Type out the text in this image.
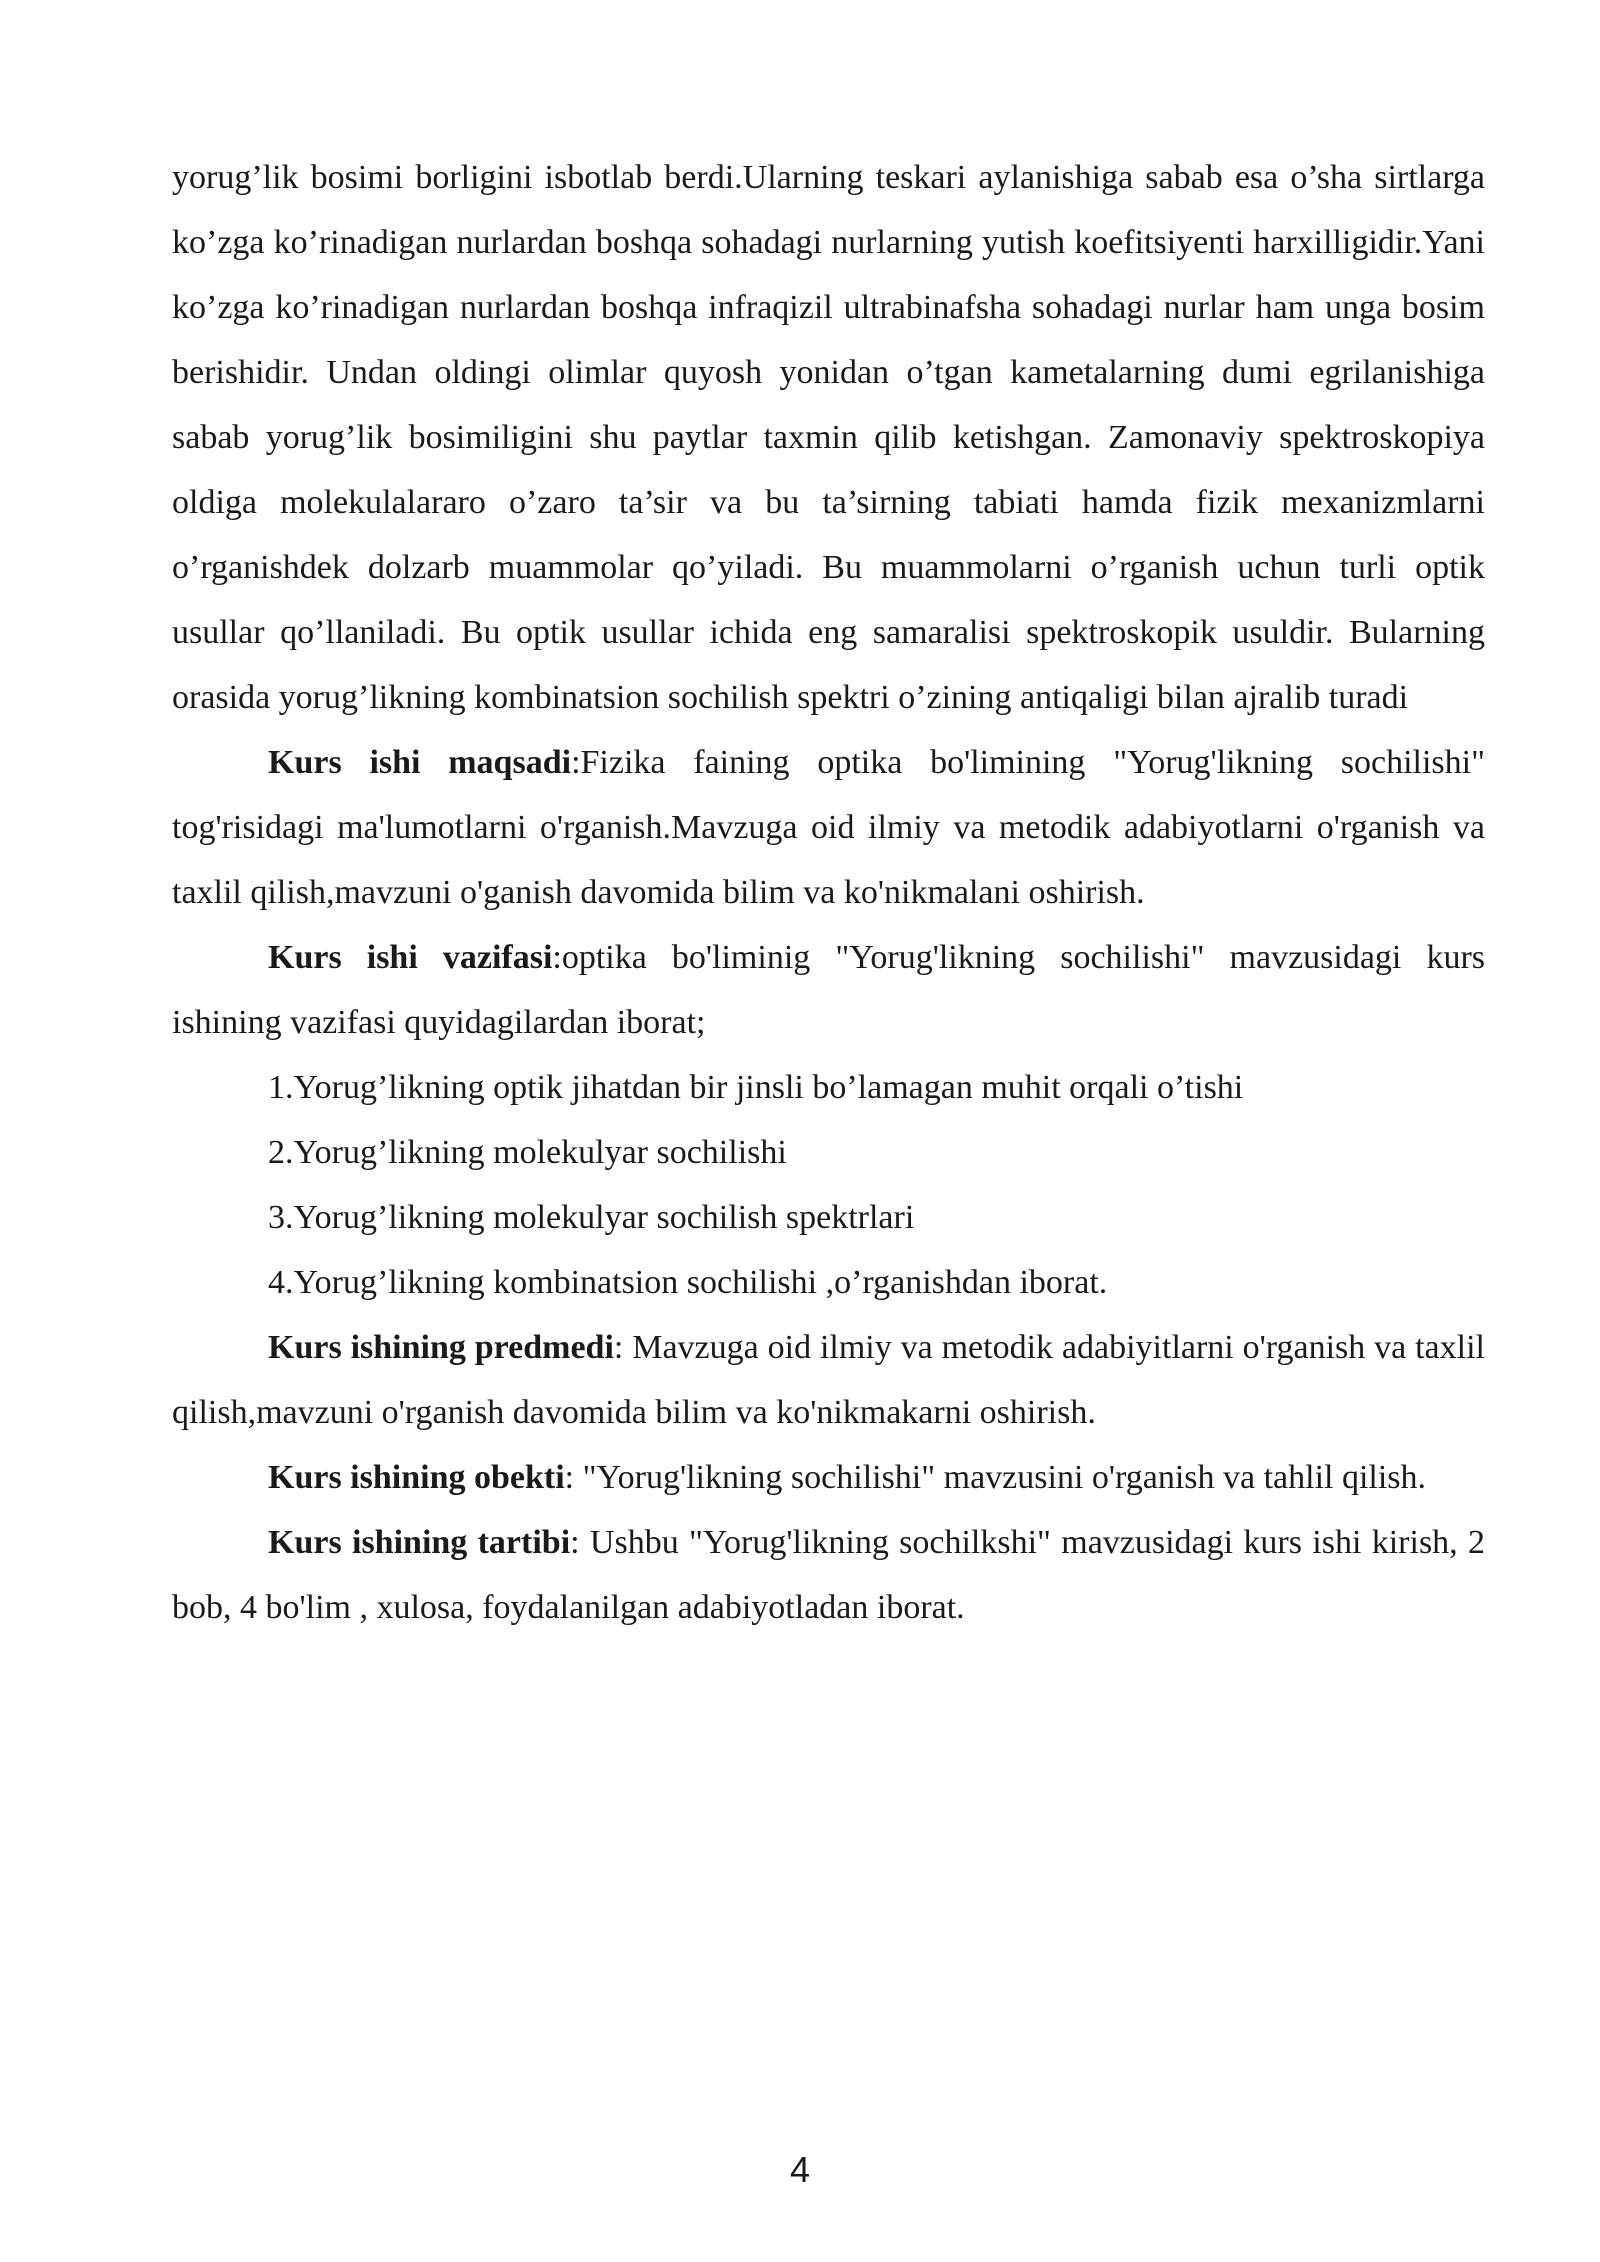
yorug’lik bosimi borligini isbotlab berdi.Ularning teskari aylanishiga sabab esa o’sha sirtlarga ko’zga ko’rinadigan nurlardan boshqa sohadagi nurlarning yutish koefitsiyenti harxilligidir.Yani ko’zga ko’rinadigan nurlardan boshqa infraqizil ultrabinafsha sohadagi nurlar ham unga bosim berishidir. Undan oldingi olimlar quyosh yonidan o’tgan kametalarning dumi egrilanishiga sabab yorug’lik bosimiligini shu paytlar taxmin qilib ketishgan. Zamonaviy spektroskopiya oldiga molekulalararo o’zaro ta’sir va bu ta’sirning tabiati hamda fizik mexanizmlarni o’rganishdek dolzarb muammolar qo’yiladi. Bu muammolarni o’rganish uchun turli optik usullar qo’llaniladi. Bu optik usullar ichida eng samaralisi spektroskopik usuldir. Bularning orasida yorug’likning kombinatsion sochilish spektri o’zining antiqaligi bilan ajralib turadi

Kurs ishi maqsadi:Fizika faining optika bo'limining "Yorug'likning sochilishi" tog'risidagi ma'lumotlarni o'rganish.Mavzuga oid ilmiy va metodik adabiyotlarni o'rganish va taxlil qilish,mavzuni o'ganish davomida bilim va ko'nikmalani oshirish.

Kurs ishi vazifasi:optika bo'liminig "Yorug'likning sochilishi" mavzusidagi kurs ishining vazifasi quyidagilardan iborat;

1.Yorug’likning optik jihatdan bir jinsli bo’lamagan muhit orqali o’tishi

2.Yorug’likning molekulyar sochilishi

3.Yorug’likning molekulyar sochilish spektrlari

4.Yorug’likning kombinatsion sochilishi ,o’rganishdan iborat.

Kurs ishining predmedi: Mavzuga oid ilmiy va metodik adabiyitlarni o'rganish va taxlil qilish,mavzuni o'rganish davomida bilim va ko'nikmakarni oshirish.

Kurs ishining obekti: "Yorug'likning sochilishi" mavzusini o'rganish va tahlil qilish.

Kurs ishining tartibi: Ushbu "Yorug'likning sochilkshi" mavzusidagi kurs ishi kirish, 2 bob, 4 bo'lim , xulosa, foydalanilgan adabiyotladan iborat.

4
